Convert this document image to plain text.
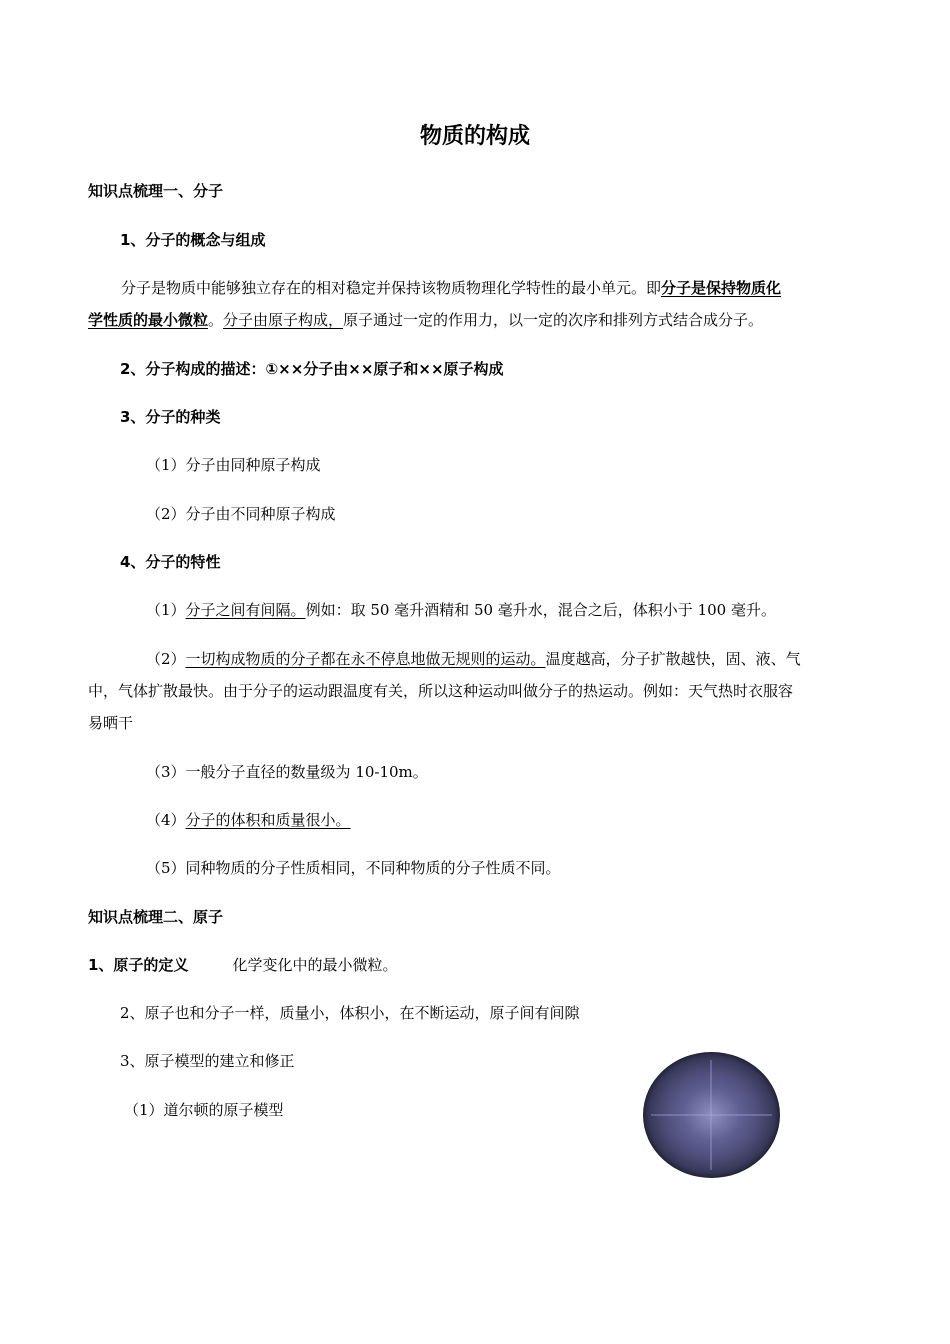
物质的构成
知识点梳理一、分子
1、分子的概念与组成
分子是物质中能够独立存在的相对稳定并保持该物质物理化学特性的最小单元。即分子是保持物质化
学性质的最小微粒。分子由原子构成，原子通过一定的作用力，以一定的次序和排列方式结合成分子。
2、分子构成的描述：①××分子由××原子和××原子构成
3、分子的种类
（1）分子由同种原子构成
（2）分子由不同种原子构成
4、分子的特性
（1）分子之间有间隔。例如：取 50 毫升酒精和 50 毫升水，混合之后，体积小于 100 毫升。
（2）一切构成物质的分子都在永不停息地做无规则的运动。温度越高，分子扩散越快，固、液、气
中，气体扩散最快。由于分子的运动跟温度有关，所以这种运动叫做分子的热运动。例如：天气热时衣服容
易晒干
（3）一般分子直径的数量级为 10-10m。
（4）分子的体积和质量很小。
（5）同种物质的分子性质相同，不同种物质的分子性质不同。
知识点梳理二、原子
1、原子的定义	化学变化中的最小微粒。
2、原子也和分子一样，质量小，体积小，在不断运动，原子间有间隙
3、原子模型的建立和修正
（1）道尔顿的原子模型
